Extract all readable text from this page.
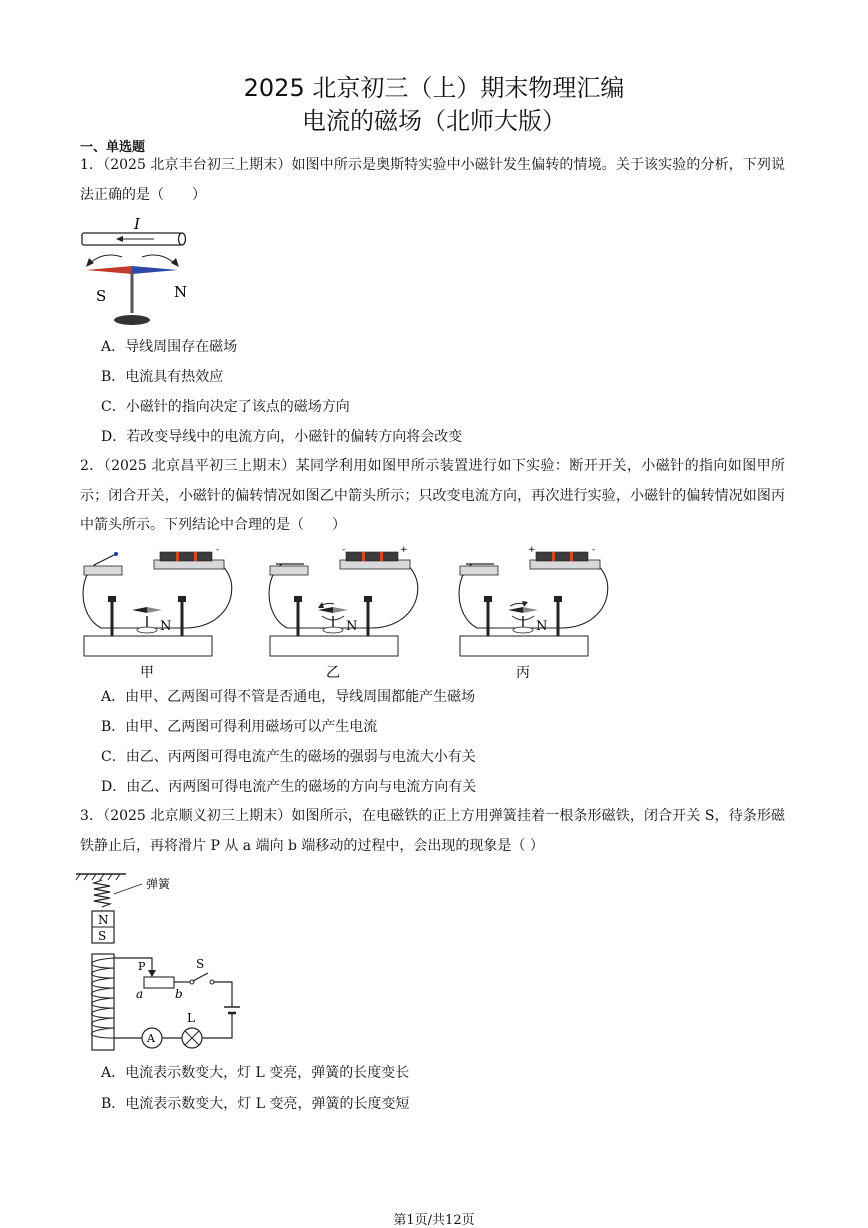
2025 北京初三（上）期末物理汇编
电流的磁场（北师大版）
一、单选题
1．（2025 北京丰台初三上期末）如图中所示是奥斯特实验中小磁针发生偏转的情境。关于该实验的分析，下列说法正确的是（　　）
I
S	N
A．导线周围存在磁场
B．电流具有热效应
C．小磁针的指向决定了该点的磁场方向
D．若改变导线中的电流方向，小磁针的偏转方向将会改变
2．（2025 北京昌平初三上期末）某同学利用如图甲所示装置进行如下实验：断开开关，小磁针的指向如图甲所示；闭合开关，小磁针的偏转情况如图乙中箭头所示；只改变电流方向，再次进行实验，小磁针的偏转情况如图丙中箭头所示。下列结论中合理的是（　　）
-
N
甲
-	+
N
乙
+	-
N
丙
A．由甲、乙两图可得不管是否通电，导线周围都能产生磁场
B．由甲、乙两图可得利用磁场可以产生电流
C．由乙、丙两图可得电流产生的磁场的强弱与电流大小有关
D．由乙、丙两图可得电流产生的磁场的方向与电流方向有关
3．（2025 北京顺义初三上期末）如图所示，在电磁铁的正上方用弹簧挂着一根条形磁铁，闭合开关 S，待条形磁铁静止后，再将滑片 P 从 a 端向 b 端移动的过程中，会出现的现象是（ ）
弹簧
N
S
P
a	b
S
L
A
A．电流表示数变大，灯 L 变亮，弹簧的长度变长
B．电流表示数变大，灯 L 变亮，弹簧的长度变短
第1页/共12页
